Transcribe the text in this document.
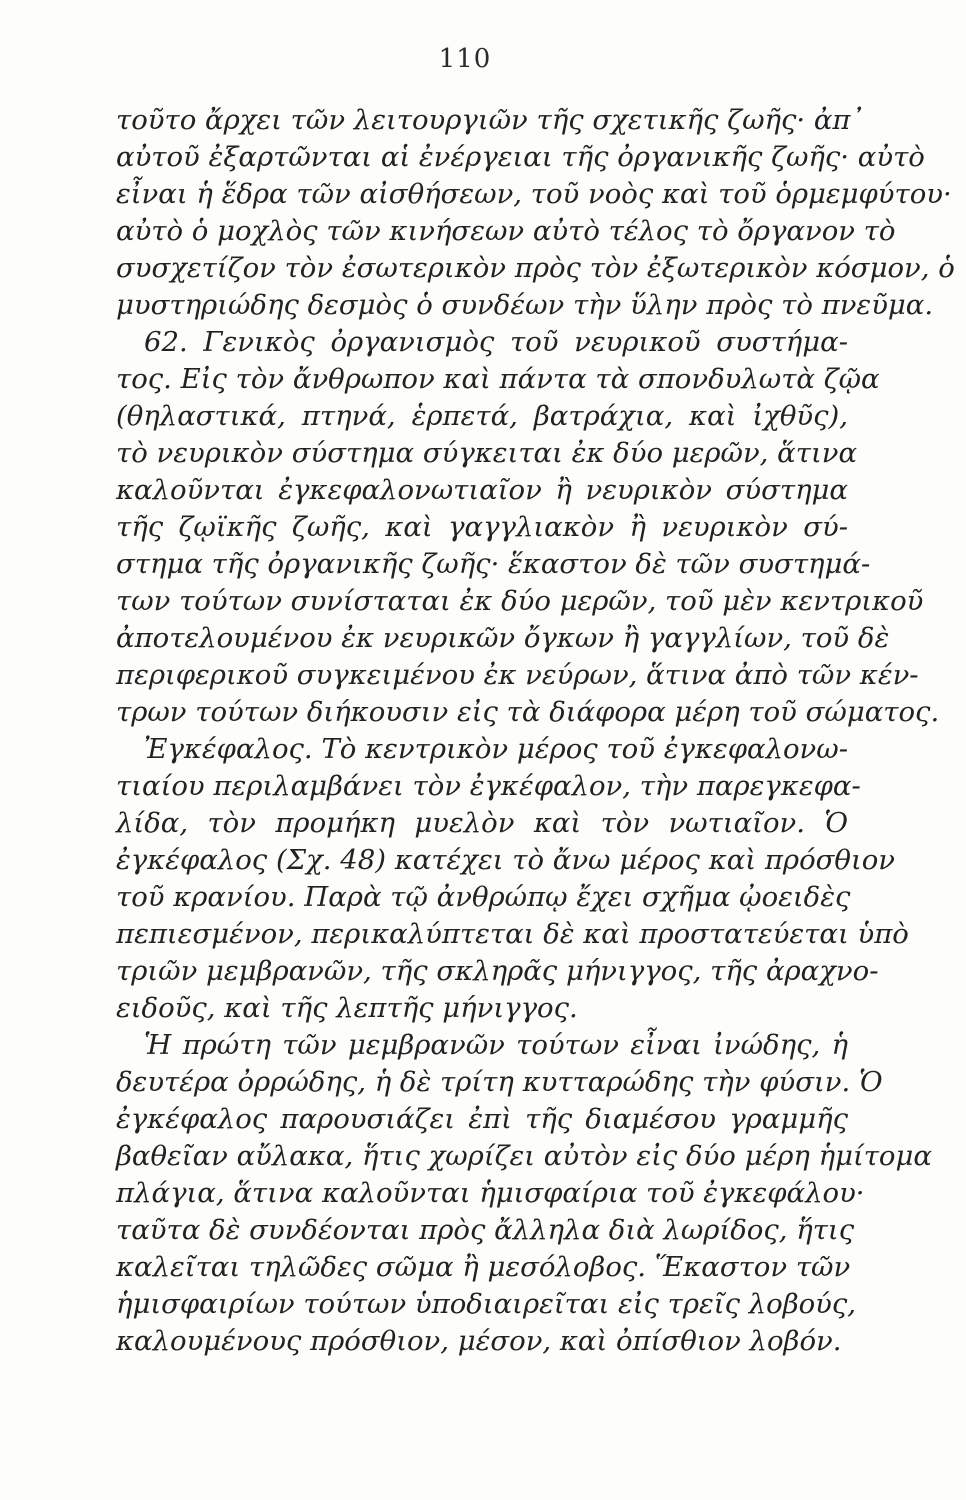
110
τοῦτο ἄρχει τῶν λειτουργιῶν τῆς σχετικῆς ζωῆς· ἀπ᾽
αὐτοῦ ἐξαρτῶνται αἱ ἐνέργειαι τῆς ὀργανικῆς ζωῆς· αὐτὸ
εἶναι ἡ ἕδρα τῶν αἰσθήσεων, τοῦ νοὸς καὶ τοῦ ὁρμεμφύτου·
αὐτὸ ὁ μοχλὸς τῶν κινήσεων αὐτὸ τέλος τὸ ὄργανον τὸ
συσχετίζον τὸν ἐσωτερικὸν πρὸς τὸν ἐξωτερικὸν κόσμον, ὁ
μυστηριώδης δεσμὸς ὁ συνδέων τὴν ὕλην πρὸς τὸ πνεῦμα.
62. Γενικὸς ὀργανισμὸς τοῦ νευρικοῦ συστήμα-
τος. Εἰς τὸν ἄνθρωπον καὶ πάντα τὰ σπονδυλωτὰ ζῷα
(θηλαστικά, πτηνά, ἑρπετά, βατράχια, καὶ ἰχθῦς),
τὸ νευρικὸν σύστημα σύγκειται ἐκ δύο μερῶν, ἅτινα
καλοῦνται ἐγκεφαλονωτιαῖον ἢ νευρικὸν σύστημα
τῆς ζῳϊκῆς ζωῆς, καὶ γαγγλιακὸν ἢ νευρικὸν σύ-
στημα τῆς ὀργανικῆς ζωῆς· ἕκαστον δὲ τῶν συστημά-
των τούτων συνίσταται ἐκ δύο μερῶν, τοῦ μὲν κεντρικοῦ
ἀποτελουμένου ἐκ νευρικῶν ὄγκων ἢ γαγγλίων, τοῦ δὲ
περιφερικοῦ συγκειμένου ἐκ νεύρων, ἅτινα ἀπὸ τῶν κέν-
τρων τούτων διήκουσιν εἰς τὰ διάφορα μέρη τοῦ σώματος.
Ἐγκέφαλος. Τὸ κεντρικὸν μέρος τοῦ ἐγκεφαλονω-
τιαίου περιλαμβάνει τὸν ἐγκέφαλον, τὴν παρεγκεφα-
λίδα, τὸν προμήκη μυελὸν καὶ τὸν νωτιαῖον. Ὁ
ἐγκέφαλος (Σχ. 48) κατέχει τὸ ἄνω μέρος καὶ πρόσθιον
τοῦ κρανίου. Παρὰ τῷ ἀνθρώπῳ ἔχει σχῆμα ᾠοειδὲς
πεπιεσμένον, περικαλύπτεται δὲ καὶ προστατεύεται ὑπὸ
τριῶν μεμβρανῶν, τῆς σκληρᾶς μήνιγγος, τῆς ἀραχνο-
ειδοῦς, καὶ τῆς λεπτῆς μήνιγγος.
Ἡ πρώτη τῶν μεμβρανῶν τούτων εἶναι ἰνώδης, ἡ
δευτέρα ὀρρώδης, ἡ δὲ τρίτη κυτταρώδης τὴν φύσιν. Ὁ
ἐγκέφαλος παρουσιάζει ἐπὶ τῆς διαμέσου γραμμῆς
βαθεῖαν αὔλακα, ἥτις χωρίζει αὐτὸν εἰς δύο μέρη ἡμίτομα
πλάγια, ἅτινα καλοῦνται ἡμισφαίρια τοῦ ἐγκεφάλου·
ταῦτα δὲ συνδέονται πρὸς ἄλληλα διὰ λωρίδος, ἥτις
καλεῖται τηλῶδες σῶμα ἢ μεσόλοβος. Ἕκαστον τῶν
ἡμισφαιρίων τούτων ὑποδιαιρεῖται εἰς τρεῖς λοβούς,
καλουμένους πρόσθιον, μέσον, καὶ ὀπίσθιον λοβόν.
